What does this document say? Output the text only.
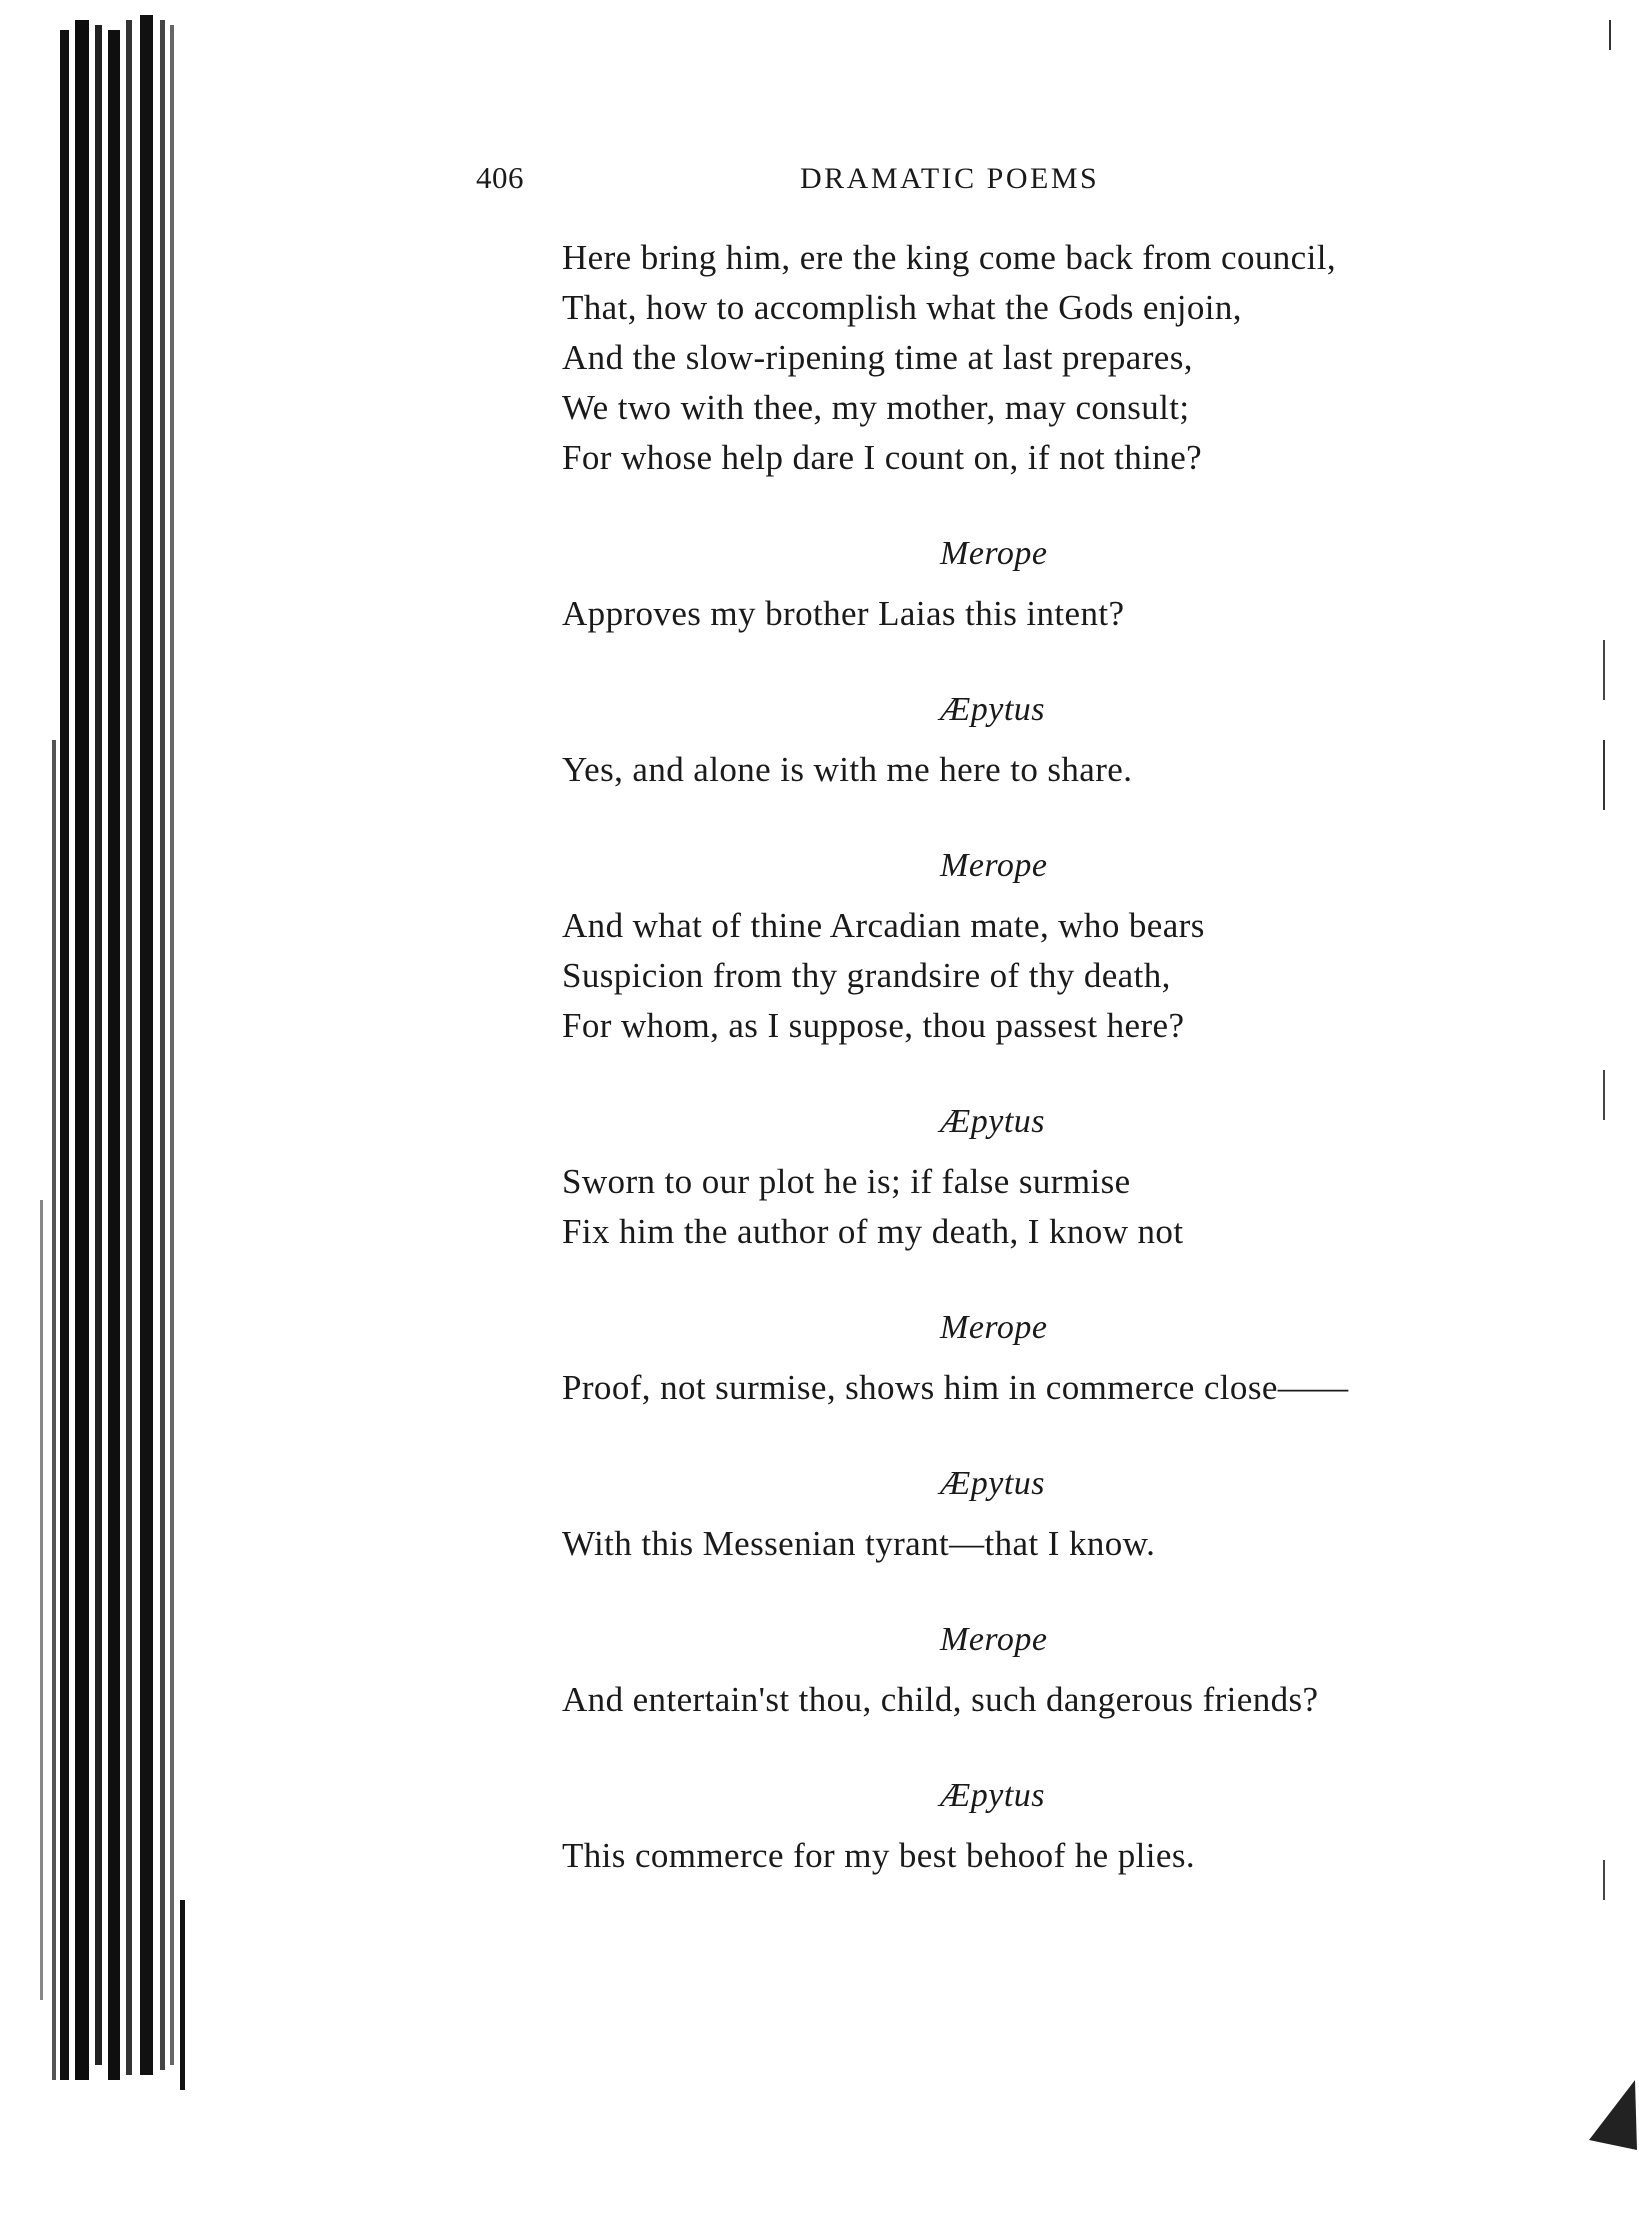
406	DRAMATIC POEMS
Here bring him, ere the king come back from council,
That, how to accomplish what the Gods enjoin,
And the slow-ripening time at last prepares,
We two with thee, my mother, may consult;
For whose help dare I count on, if not thine?
Merope
Approves my brother Laias this intent?
Æpytus
Yes, and alone is with me here to share.
Merope
And what of thine Arcadian mate, who bears
Suspicion from thy grandsire of thy death,
For whom, as I suppose, thou passest here?
Æpytus
Sworn to our plot he is; if false surmise
Fix him the author of my death, I know not
Merope
Proof, not surmise, shows him in commerce close——
Æpytus
With this Messenian tyrant—that I know.
Merope
And entertain'st thou, child, such dangerous friends?
Æpytus
This commerce for my best behoof he plies.
